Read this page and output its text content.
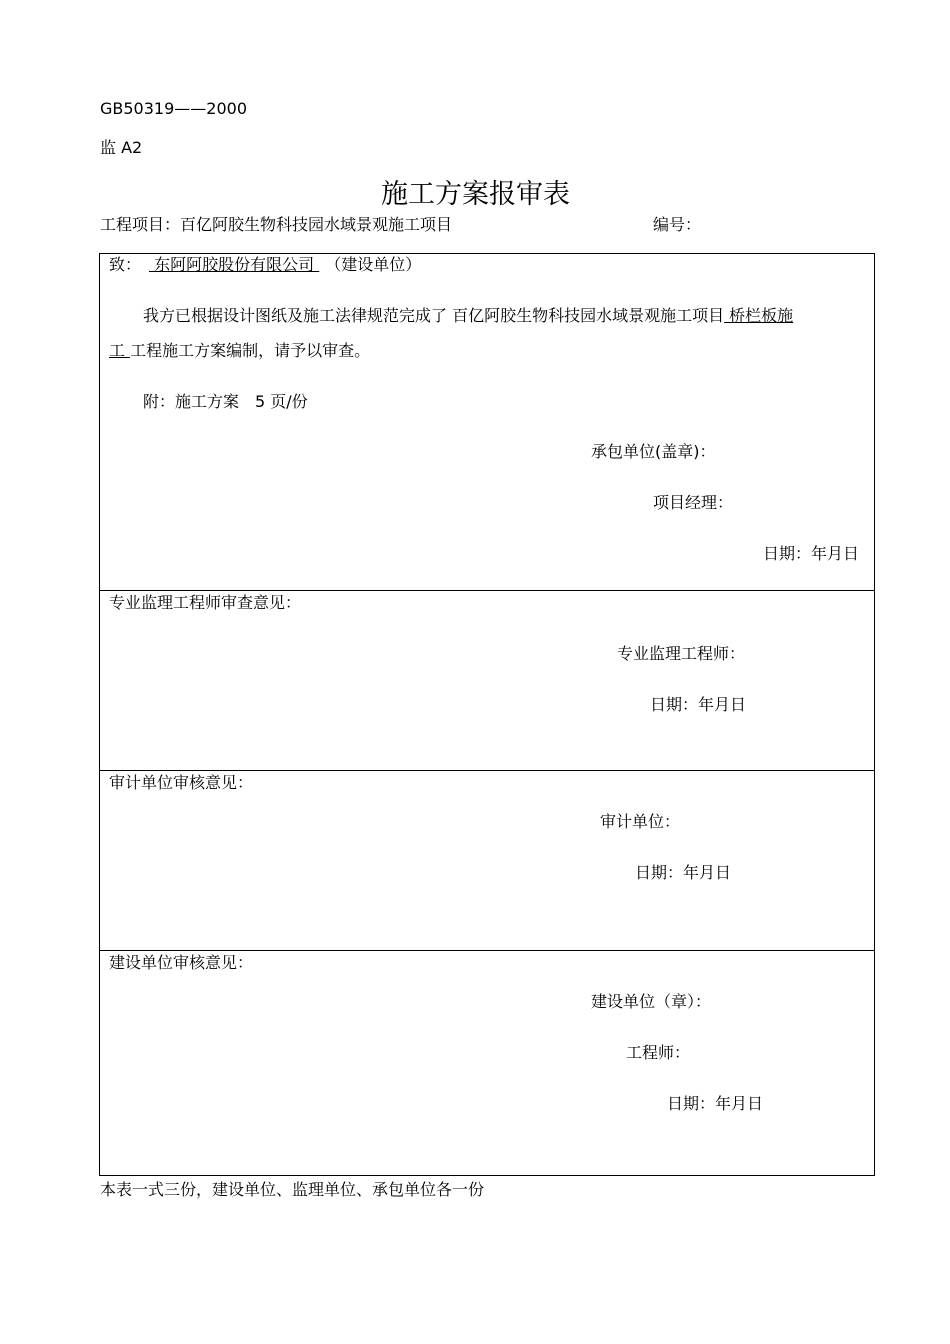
GB50319——2000
监 A2
施工方案报审表
工程项目：百亿阿胶生物科技园水域景观施工项目	编号：
致： 东阿阿胶股份有限公司 （建设单位）
我方已根据设计图纸及施工法律规范完成了 百亿阿胶生物科技园水域景观施工项目 桥栏板施
工 工程施工方案编制，请予以审查。
附：施工方案　5 页/份
承包单位(盖章)：
项目经理：
日期：年月日
专业监理工程师审查意见：
专业监理工程师：
日期：年月日
审计单位审核意见：
审计单位：
日期：年月日
建设单位审核意见：
建设单位（章）：
工程师：
日期：年月日
本表一式三份，建设单位、监理单位、承包单位各一份
